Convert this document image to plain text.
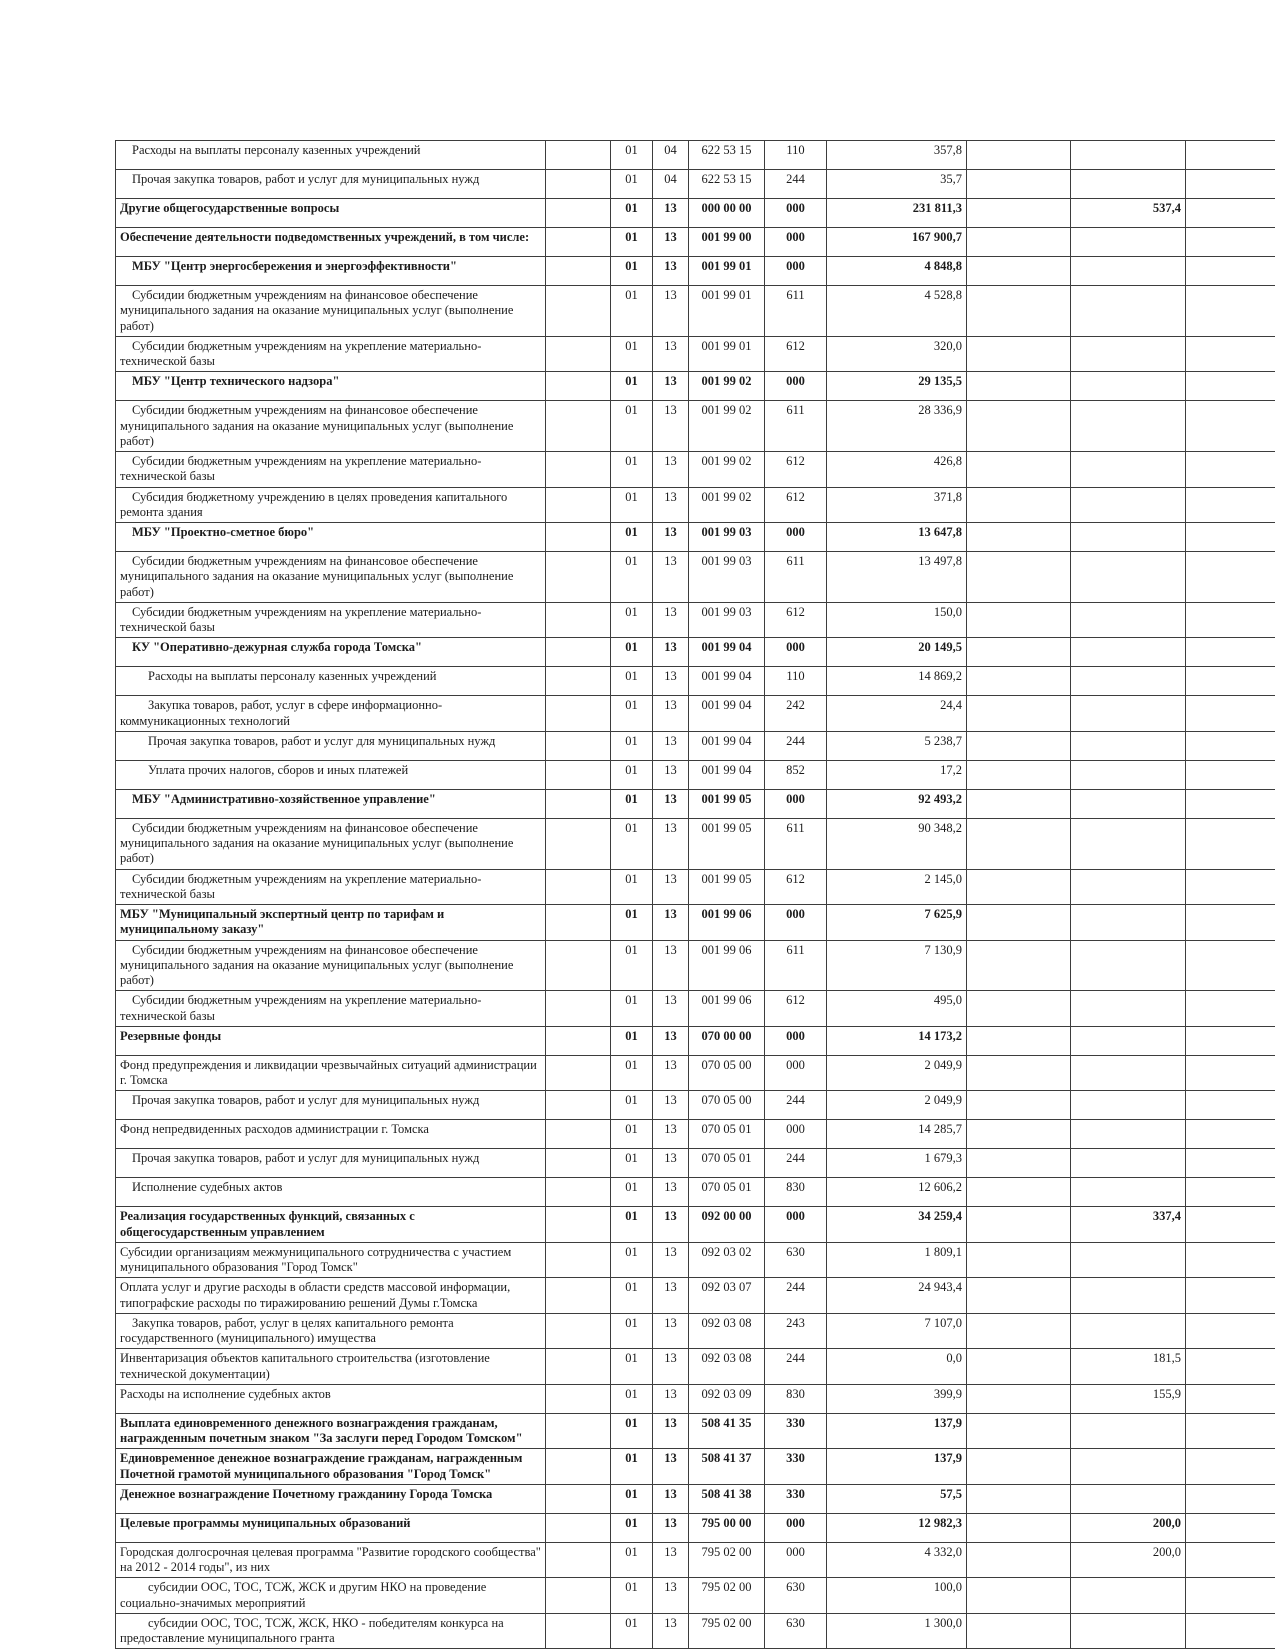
Расходы на выплаты персоналу казенных учреждений		01	04	622 53 15	110	357,8			
Прочая закупка товаров, работ и услуг для муниципальных нужд		01	04	622 53 15	244	35,7			
Другие общегосударственные вопросы		01	13	000 00 00	000	231 811,3		537,4	
Обеспечение деятельности подведомственных учреждений, в том числе:		01	13	001 99 00	000	167 900,7			
МБУ "Центр энергосбережения и энергоэффективности"		01	13	001 99 01	000	4 848,8			
Субсидии бюджетным учреждениям на финансовое обеспечение муниципального задания на оказание муниципальных услуг (выполнение работ)		01	13	001 99 01	611	4 528,8			
Субсидии бюджетным учреждениям на укрепление материально-технической базы		01	13	001 99 01	612	320,0			
МБУ "Центр технического надзора"		01	13	001 99 02	000	29 135,5			
Субсидии бюджетным учреждениям на финансовое обеспечение муниципального задания на оказание муниципальных услуг (выполнение работ)		01	13	001 99 02	611	28 336,9			
Субсидии бюджетным учреждениям на укрепление материально-технической базы		01	13	001 99 02	612	426,8			
Субсидия бюджетному учреждению в целях проведения капитального ремонта здания		01	13	001 99 02	612	371,8			
МБУ "Проектно-сметное бюро"		01	13	001 99 03	000	13 647,8			
Субсидии бюджетным учреждениям на финансовое обеспечение муниципального задания на оказание муниципальных услуг (выполнение работ)		01	13	001 99 03	611	13 497,8			
Субсидии бюджетным учреждениям на укрепление материально-технической базы		01	13	001 99 03	612	150,0			
КУ "Оперативно-дежурная служба города Томска"		01	13	001 99 04	000	20 149,5			
Расходы на выплаты персоналу казенных учреждений		01	13	001 99 04	110	14 869,2			
Закупка товаров, работ, услуг в сфере информационно-коммуникационных технологий		01	13	001 99 04	242	24,4			
Прочая закупка товаров, работ и услуг для муниципальных нужд		01	13	001 99 04	244	5 238,7			
Уплата прочих налогов, сборов и иных платежей		01	13	001 99 04	852	17,2			
МБУ "Административно-хозяйственное управление"		01	13	001 99 05	000	92 493,2			
Субсидии бюджетным учреждениям на финансовое обеспечение муниципального задания на оказание муниципальных услуг (выполнение работ)		01	13	001 99 05	611	90 348,2			
Субсидии бюджетным учреждениям на укрепление материально-технической базы		01	13	001 99 05	612	2 145,0			
МБУ "Муниципальный экспертный центр по тарифам и муниципальному заказу"		01	13	001 99 06	000	7 625,9			
Субсидии бюджетным учреждениям на финансовое обеспечение муниципального задания на оказание муниципальных услуг (выполнение работ)		01	13	001 99 06	611	7 130,9			
Субсидии бюджетным учреждениям на укрепление материально-технической базы		01	13	001 99 06	612	495,0			
Резервные фонды		01	13	070 00 00	000	14 173,2			
Фонд предупреждения и ликвидации чрезвычайных ситуаций администрации г. Томска		01	13	070 05 00	000	2 049,9			
Прочая закупка товаров, работ и услуг для муниципальных нужд		01	13	070 05 00	244	2 049,9			
Фонд непредвиденных расходов администрации г. Томска		01	13	070 05 01	000	14 285,7			
Прочая закупка товаров, работ и услуг для муниципальных нужд		01	13	070 05 01	244	1 679,3			
Исполнение судебных актов		01	13	070 05 01	830	12 606,2			
Реализация государственных функций, связанных с общегосударственным управлением		01	13	092 00 00	000	34 259,4		337,4	
Субсидии организациям межмуниципального сотрудничества с участием муниципального образования "Город Томск"		01	13	092 03 02	630	1 809,1			
Оплата услуг и другие расходы в области средств массовой информации, типографские расходы по тиражированию решений Думы г.Томска		01	13	092 03 07	244	24 943,4			
Закупка товаров, работ, услуг в целях капитального ремонта государственного (муниципального) имущества		01	13	092 03 08	243	7 107,0			
Инвентаризация объектов капитального строительства (изготовление технической документации)		01	13	092 03 08	244	0,0		181,5	
Расходы на исполнение судебных актов		01	13	092 03 09	830	399,9		155,9	
Выплата единовременного денежного вознаграждения гражданам, награжденным почетным знаком "За заслуги перед Городом Томском"		01	13	508 41 35	330	137,9			
Единовременное денежное вознаграждение гражданам, награжденным Почетной грамотой муниципального образования "Город Томск"		01	13	508 41 37	330	137,9			
Денежное вознаграждение Почетному гражданину Города Томска		01	13	508 41 38	330	57,5			
Целевые программы муниципальных образований		01	13	795 00 00	000	12 982,3		200,0	
Городская долгосрочная целевая программа "Развитие городского сообщества" на 2012 - 2014 годы", из них		01	13	795 02 00	000	4 332,0		200,0	
субсидии ООС, ТОС, ТСЖ, ЖСК и другим НКО на проведение социально-значимых мероприятий		01	13	795 02 00	630	100,0			
субсидии ООС, ТОС, ТСЖ, ЖСК, НКО - победителям конкурса на предоставление муниципального гранта		01	13	795 02 00	630	1 300,0			
